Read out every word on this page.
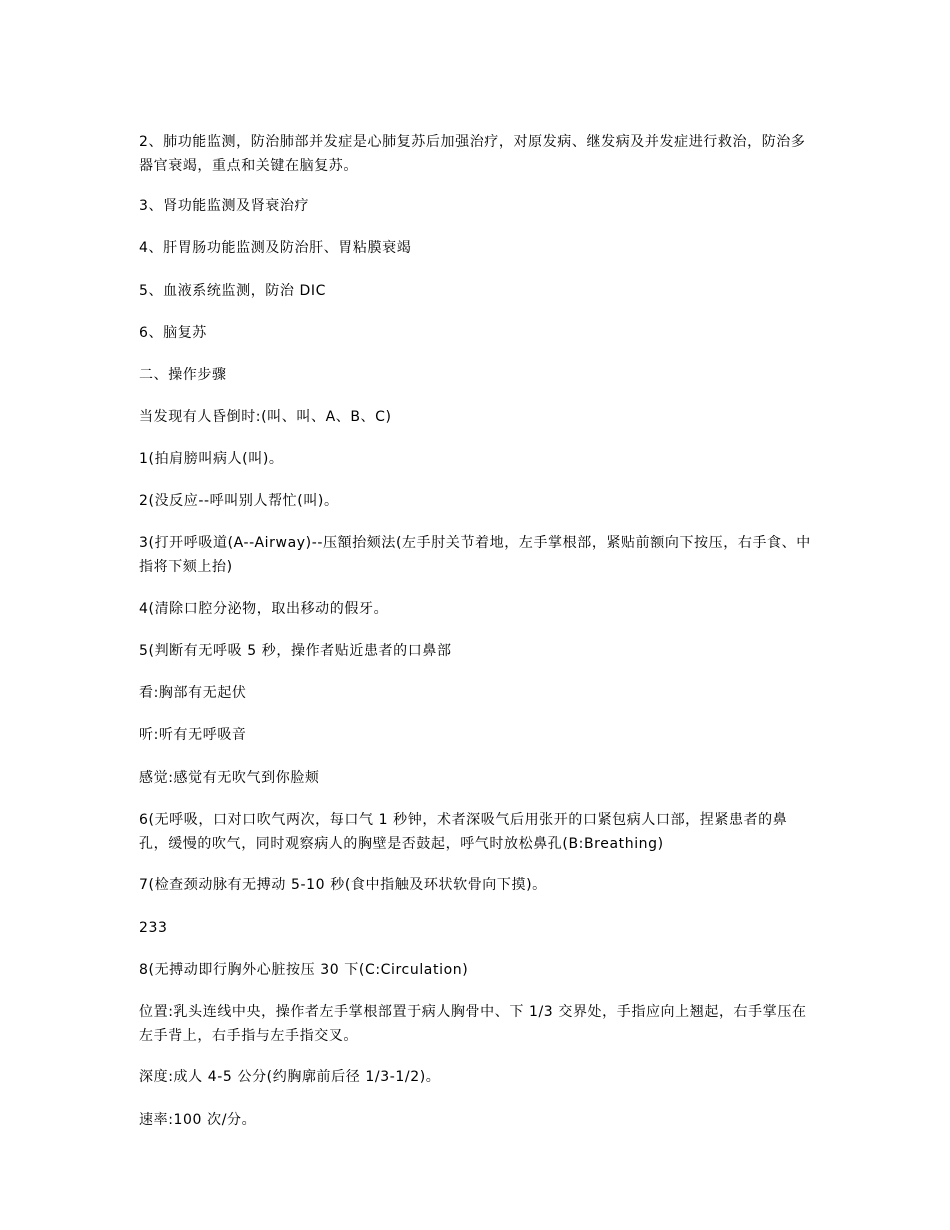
2、肺功能监测，防治肺部并发症是心肺复苏后加强治疗，对原发病、继发病及并发症进行救治，防治多器官衰竭，重点和关键在脑复苏。

3、肾功能监测及肾衰治疗

4、肝胃肠功能监测及防治肝、胃粘膜衰竭

5、血液系统监测，防治 DIC

6、脑复苏

二、操作步骤

当发现有人昏倒时:(叫、叫、A、B、C)

1(拍肩膀叫病人(叫)。

2(没反应--呼叫别人帮忙(叫)。

3(打开呼吸道(A--Airway)--压額抬颏法(左手肘关节着地，左手掌根部，紧贴前额向下按压，右手食、中指将下颏上抬)

4(清除口腔分泌物，取出移动的假牙。

5(判断有无呼吸 5 秒，操作者贴近患者的口鼻部

看:胸部有无起伏

听:听有无呼吸音

感觉:感觉有无吹气到你脸颊

6(无呼吸，口对口吹气两次，每口气 1 秒钟，术者深吸气后用张开的口紧包病人口部，捏紧患者的鼻孔，缓慢的吹气，同时观察病人的胸壁是否鼓起，呼气时放松鼻孔(B:Breathing)

7(检查颈动脉有无搏动 5-10 秒(食中指触及环状软骨向下摸)。

233

8(无搏动即行胸外心脏按压 30 下(C:Circulation)

位置:乳头连线中央，操作者左手掌根部置于病人胸骨中、下 1/3 交界处，手指应向上翘起，右手掌压在左手背上，右手指与左手指交叉。

深度:成人 4-5 公分(约胸廓前后径 1/3-1/2)。

速率:100 次/分。
